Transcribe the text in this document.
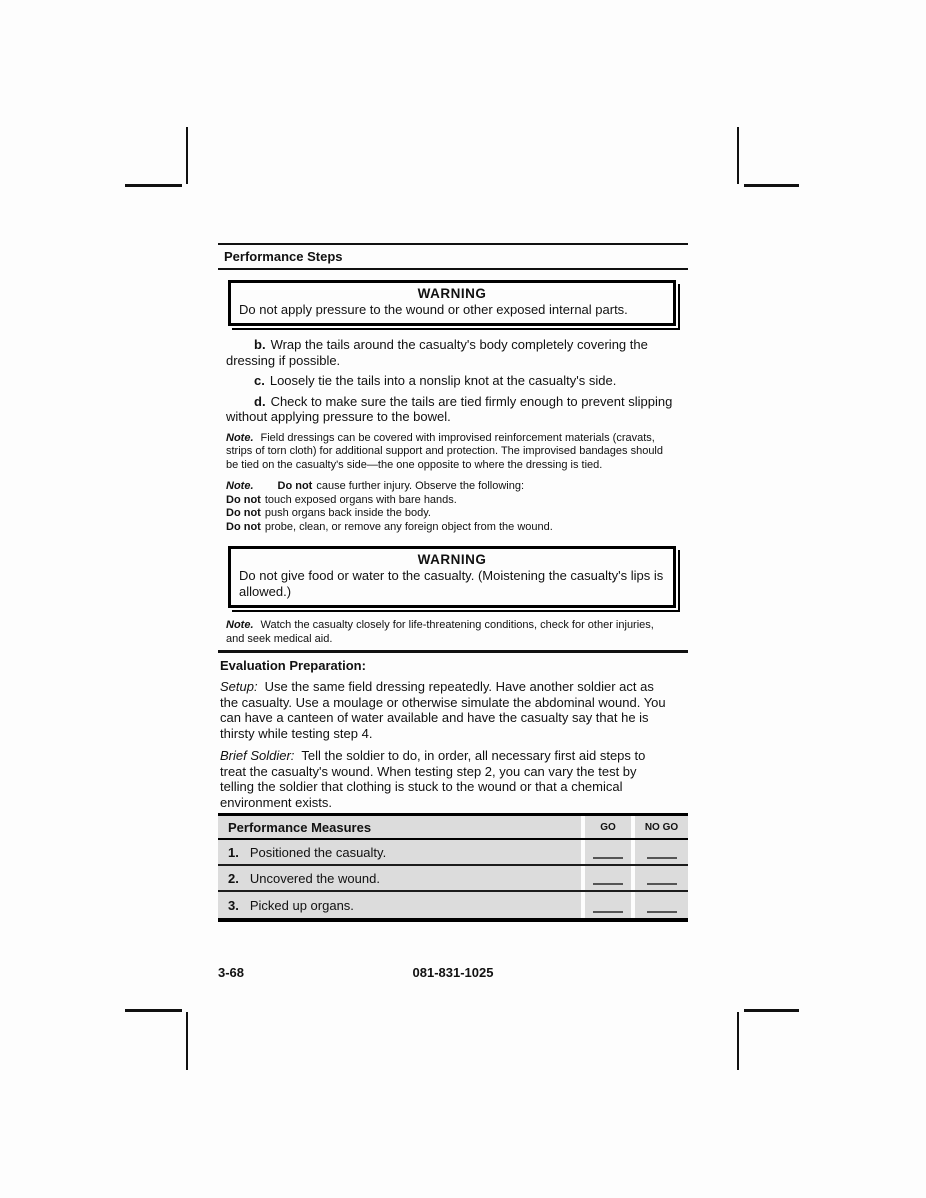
Performance Steps
WARNING
Do not apply pressure to the wound or other exposed internal parts.

b. Wrap the tails around the casualty's body completely covering the dressing if possible.

c. Loosely tie the tails into a nonslip knot at the casualty's side.

d. Check to make sure the tails are tied firmly enough to prevent slipping without applying pressure to the bowel.

Note. Field dressings can be covered with improvised reinforcement materials (cravats, strips of torn cloth) for additional support and protection. The improvised bandages should be tied on the casualty's side—the one opposite to where the dressing is tied.

Note. Do not cause further injury. Observe the following:
Do not touch exposed organs with bare hands.
Do not push organs back inside the body.
Do not probe, clean, or remove any foreign object from the wound.
WARNING
Do not give food or water to the casualty. (Moistening the casualty's lips is allowed.)

Note. Watch the casualty closely for life-threatening conditions, check for other injuries, and seek medical aid.

Evaluation Preparation:

Setup: Use the same field dressing repeatedly. Have another soldier act as the casualty. Use a moulage or otherwise simulate the abdominal wound. You can have a canteen of water available and have the casualty say that he is thirsty while testing step 4.

Brief Soldier: Tell the soldier to do, in order, all necessary first aid steps to treat the casualty's wound. When testing step 2, you can vary the test by telling the soldier that clothing is stuck to the wound or that a chemical environment exists.

Performance Measures	GO	NO GO
1. Positioned the casualty.
2. Uncovered the wound.
3. Picked up organs.
3-68	081-831-1025
